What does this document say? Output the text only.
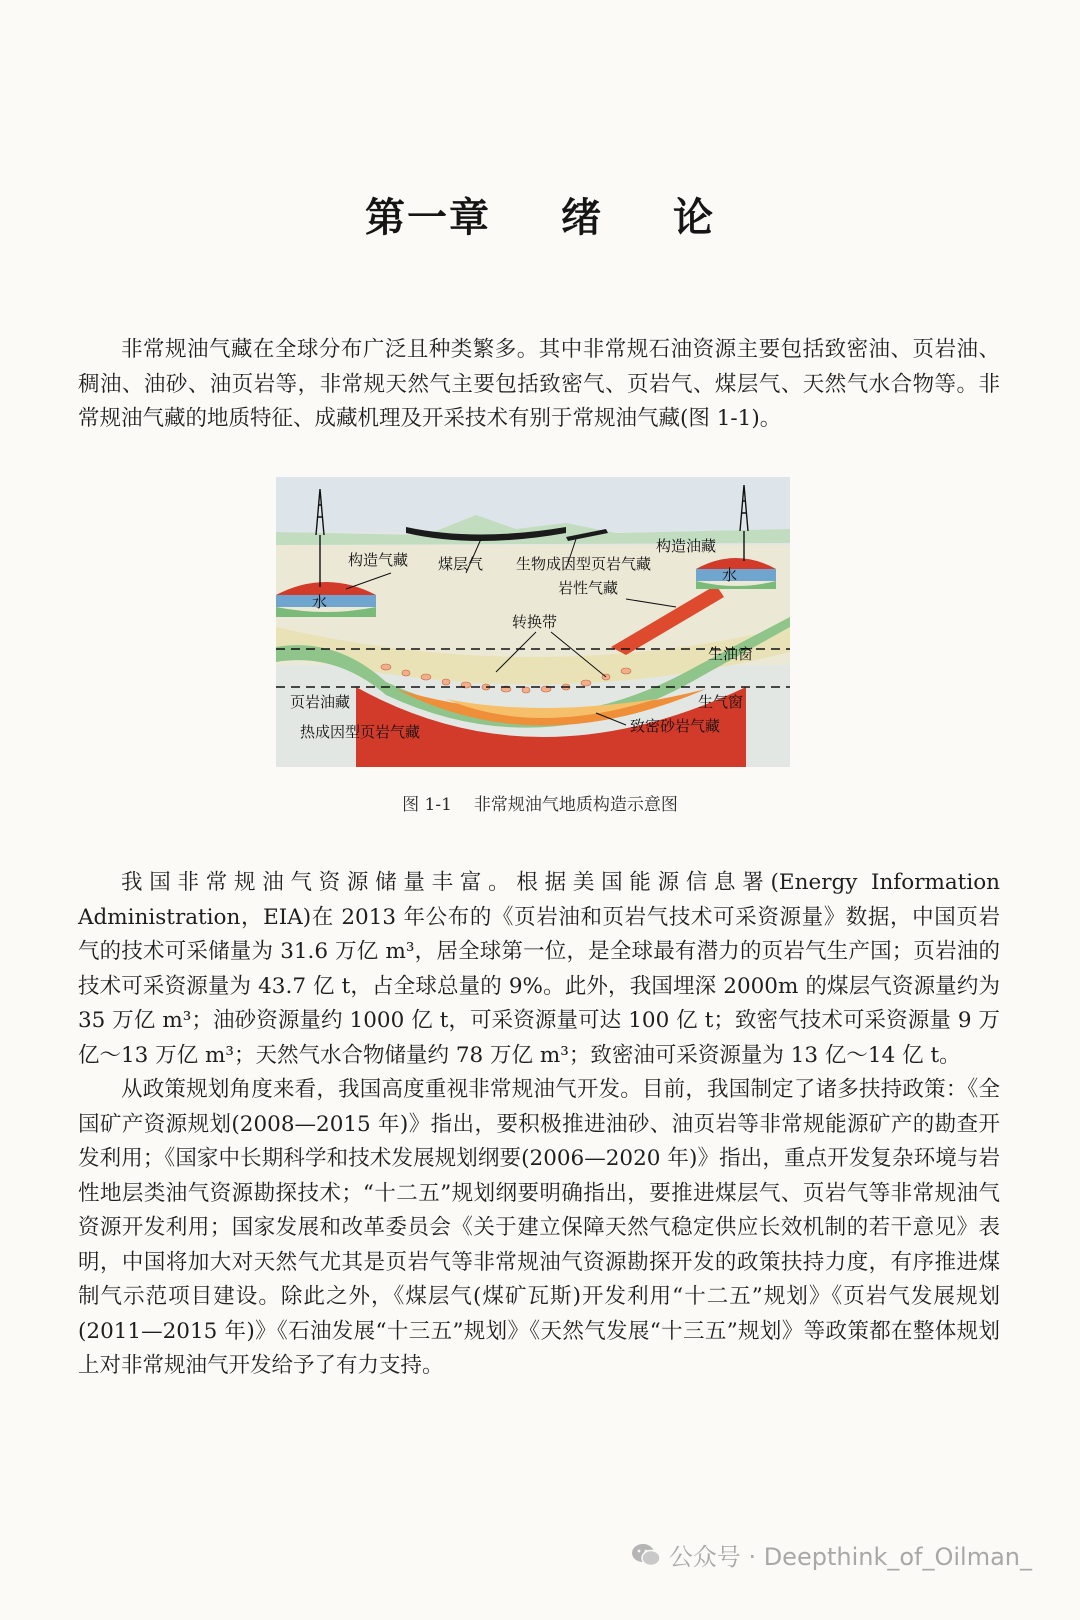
第一章 绪 论

非常规油气藏在全球分布广泛且种类繁多。其中非常规石油资源主要包括致密油、页岩油、稠油、油砂、油页岩等，非常规天然气主要包括致密气、页岩气、煤层气、天然气水合物等。非常规油气藏的地质特征、成藏机理及开采技术有别于常规油气藏(图 1-1)。

构造气藏 煤层气 生物成因型页岩气藏
构造油藏
岩性气藏
水
水
转换带
生油窗
页岩油藏	生气窗
致密砂岩气藏
热成因型页岩气藏
图 1-1 非常规油气地质构造示意图

我国非常规油气资源储量丰富。根据美国能源信息署(Energy Information Administration，EIA)在 2013 年公布的《页岩油和页岩气技术可采资源量》数据，中国页岩气的技术可采储量为 31.6 万亿 m³，居全球第一位，是全球最有潜力的页岩气生产国；页岩油的技术可采资源量为 43.7 亿 t，占全球总量的 9%。此外，我国埋深 2000m 的煤层气资源量约为 35 万亿 m³；油砂资源量约 1000 亿 t，可采资源量可达 100 亿 t；致密气技术可采资源量 9 万亿～13 万亿 m³；天然气水合物储量约 78 万亿 m³；致密油可采资源量为 13 亿～14 亿 t。

从政策规划角度来看，我国高度重视非常规油气开发。目前，我国制定了诸多扶持政策：《全国矿产资源规划(2008—2015 年)》指出，要积极推进油砂、油页岩等非常规能源矿产的勘查开发利用；《国家中长期科学和技术发展规划纲要(2006—2020 年)》指出，重点开发复杂环境与岩性地层类油气资源勘探技术；“十二五”规划纲要明确指出，要推进煤层气、页岩气等非常规油气资源开发利用；国家发展和改革委员会《关于建立保障天然气稳定供应长效机制的若干意见》表明，中国将加大对天然气尤其是页岩气等非常规油气资源勘探开发的政策扶持力度，有序推进煤制气示范项目建设。除此之外，《煤层气(煤矿瓦斯)开发利用“十二五”规划》《页岩气发展规划(2011—2015 年)》《石油发展“十三五”规划》《天然气发展“十三五”规划》等政策都在整体规划上对非常规油气开发给予了有力支持。

公众号 · Deepthink_of_Oilman_
